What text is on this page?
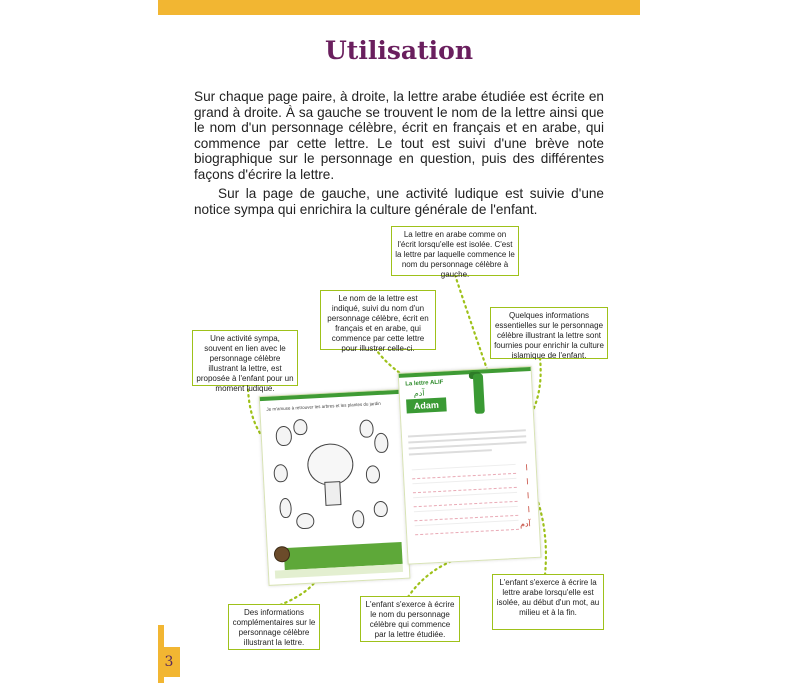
3
Utilisation
Sur chaque page paire, à droite, la lettre arabe étudiée est écrite en grand à droite. À sa gauche se trouvent le nom de la lettre ainsi que le nom d'un personnage célèbre, écrit en français et en arabe, qui commence par cette lettre. Le tout est suivi d'une brève note biographique sur le personnage en question, puis des différentes façons d'écrire la lettre.
Sur la page de gauche, une activité ludique est suivie d'une notice sympa qui enrichira la culture générale de l'enfant.
Je m'amuse à retrouver les arbres et les plantes du jardin
La lettre ALIF
آدم
Adam
ا
ا
ا
ا
آدم
La lettre en arabe comme on l'écrit lorsqu'elle est isolée. C'est la lettre par laquelle commence le nom du personnage célèbre à gauche.
Le nom de la lettre est indiqué, suivi du nom d'un personnage célèbre, écrit en français et en arabe, qui commence par cette lettre pour illustrer celle-ci.
Quelques informations essentielles sur le personnage célèbre illustrant la lettre sont fournies pour enrichir la culture islamique de l'enfant.
Une activité sympa, souvent en lien avec le personnage célèbre illustrant la lettre, est proposée à l'enfant pour un moment ludique.
Des informations complémentaires sur le personnage célèbre illustrant la lettre.
L'enfant s'exerce à écrire le nom du personnage célèbre qui commence par la lettre étudiée.
L'enfant s'exerce à écrire la lettre arabe lorsqu'elle est isolée, au début d'un mot, au milieu et à la fin.
